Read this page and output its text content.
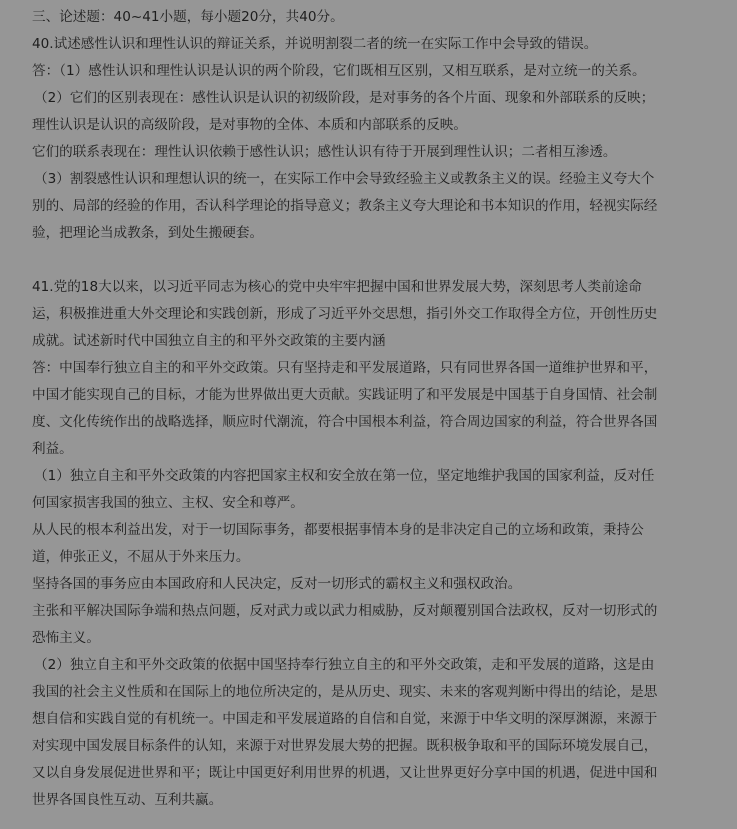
三、论述题：40~41小题，每小题20分，共40分。
40.试述感性认识和理性认识的辩证关系，并说明割裂二者的统一在实际工作中会导致的错误。
答：（1）感性认识和理性认识是认识的两个阶段，它们既相互区别，又相互联系，是对立统一的关系。
（2）它们的区别表现在：感性认识是认识的初级阶段，是对事务的各个片面、现象和外部联系的反映；
理性认识是认识的高级阶段，是对事物的全体、本质和内部联系的反映。
它们的联系表现在：理性认识依赖于感性认识；感性认识有待于开展到理性认识；二者相互渗透。
（3）割裂感性认识和理想认识的统一，在实际工作中会导致经验主义或教条主义的误。经验主义夸大个
别的、局部的经验的作用，否认科学理论的指导意义；教条主义夸大理论和书本知识的作用，轻视实际经
验，把理论当成教条，到处生搬硬套。
41.党的18大以来，以习近平同志为核心的党中央牢牢把握中国和世界发展大势，深刻思考人类前途命
运，积极推进重大外交理论和实践创新，形成了习近平外交思想，指引外交工作取得全方位，开创性历史
成就。试述新时代中国独立自主的和平外交政策的主要内涵
答：中国奉行独立自主的和平外交政策。只有坚持走和平发展道路，只有同世界各国一道维护世界和平，
中国才能实现自己的目标，才能为世界做出更大贡献。实践证明了和平发展是中国基于自身国情、社会制
度、文化传统作出的战略选择，顺应时代潮流，符合中国根本利益，符合周边国家的利益，符合世界各国
利益。
（1）独立自主和平外交政策的内容把国家主权和安全放在第一位，坚定地维护我国的国家利益，反对任
何国家损害我国的独立、主权、安全和尊严。
从人民的根本利益出发，对于一切国际事务，都要根据事情本身的是非决定自己的立场和政策，秉持公
道，伸张正义，不屈从于外来压力。
坚持各国的事务应由本国政府和人民决定，反对一切形式的霸权主义和强权政治。
主张和平解决国际争端和热点问题，反对武力或以武力相威胁，反对颠覆别国合法政权，反对一切形式的
恐怖主义。
（2）独立自主和平外交政策的依据中国坚持奉行独立自主的和平外交政策，走和平发展的道路，这是由
我国的社会主义性质和在国际上的地位所决定的，是从历史、现实、未来的客观判断中得出的结论，是思
想自信和实践自觉的有机统一。中国走和平发展道路的自信和自觉，来源于中华文明的深厚渊源，来源于
对实现中国发展目标条件的认知，来源于对世界发展大势的把握。既积极争取和平的国际环境发展自己，
又以自身发展促进世界和平；既让中国更好利用世界的机遇，又让世界更好分享中国的机遇，促进中国和
世界各国良性互动、互利共赢。
